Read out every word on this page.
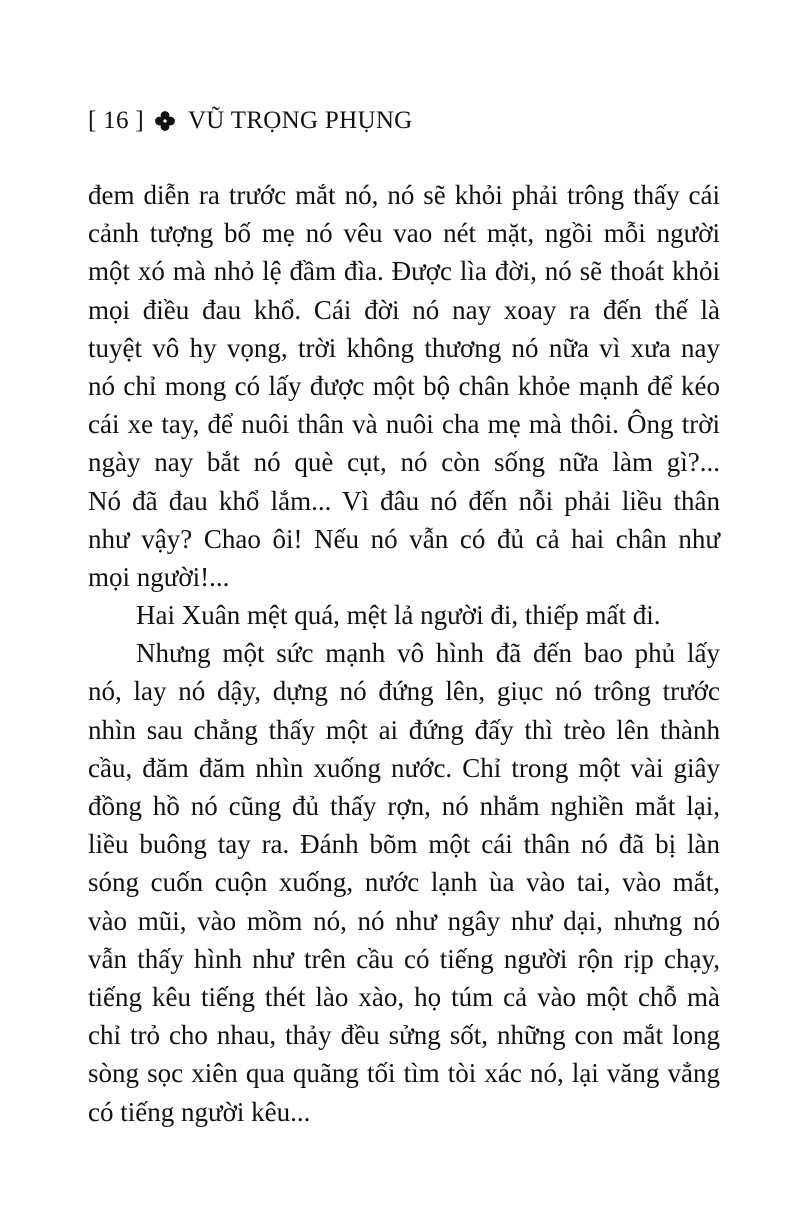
[ 16 ] VŨ TRỌNG PHỤNG
đem diễn ra trước mắt nó, nó sẽ khỏi phải trông thấy cái
cảnh tượng bố mẹ nó vêu vao nét mặt, ngồi mỗi người
một xó mà nhỏ lệ đầm đìa. Được lìa đời, nó sẽ thoát khỏi
mọi điều đau khổ. Cái đời nó nay xoay ra đến thế là
tuyệt vô hy vọng, trời không thương nó nữa vì xưa nay
nó chỉ mong có lấy được một bộ chân khỏe mạnh để kéo
cái xe tay, để nuôi thân và nuôi cha mẹ mà thôi. Ông trời
ngày nay bắt nó què cụt, nó còn sống nữa làm gì?...
Nó đã đau khổ lắm... Vì đâu nó đến nỗi phải liều thân
như vậy? Chao ôi! Nếu nó vẫn có đủ cả hai chân như
mọi người!...
Hai Xuân mệt quá, mệt lả người đi, thiếp mất đi.
Nhưng một sức mạnh vô hình đã đến bao phủ lấy
nó, lay nó dậy, dựng nó đứng lên, giục nó trông trước
nhìn sau chẳng thấy một ai đứng đấy thì trèo lên thành
cầu, đăm đăm nhìn xuống nước. Chỉ trong một vài giây
đồng hồ nó cũng đủ thấy rợn, nó nhắm nghiền mắt lại,
liều buông tay ra. Đánh bõm một cái thân nó đã bị làn
sóng cuốn cuộn xuống, nước lạnh ùa vào tai, vào mắt,
vào mũi, vào mồm nó, nó như ngây như dại, nhưng nó
vẫn thấy hình như trên cầu có tiếng người rộn rịp chạy,
tiếng kêu tiếng thét lào xào, họ túm cả vào một chỗ mà
chỉ trỏ cho nhau, thảy đều sửng sốt, những con mắt long
sòng sọc xiên qua quãng tối tìm tòi xác nó, lại văng vẳng
có tiếng người kêu...
